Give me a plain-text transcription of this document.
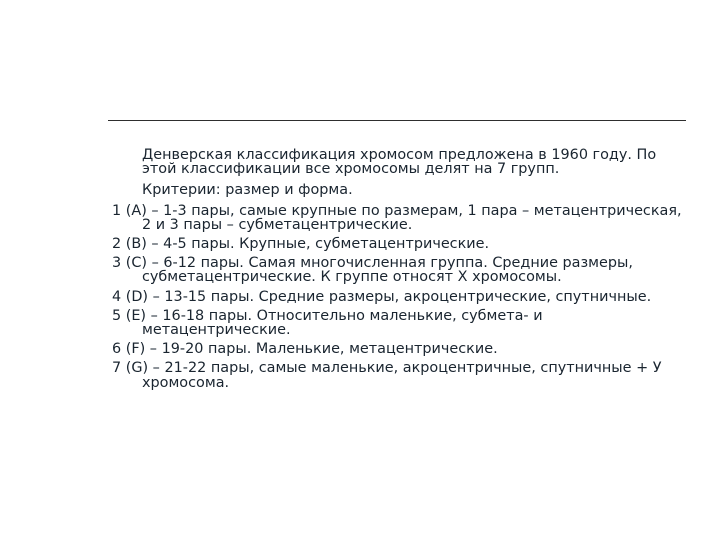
Денверская классификация хромосом предложена в 1960 году. По этой классификации все хромосомы делят на 7 групп.

Критерии: размер и форма.

1 (A) – 1-3 пары, самые крупные по размерам, 1 пара – метацентрическая, 2 и 3 пары – субметацентрические.

2 (B) – 4-5 пары. Крупные, субметацентрические.

3 (C) – 6-12 пары. Самая многочисленная группа. Средние размеры, субметацентрические. К группе относят Х хромосомы.

4 (D) – 13-15 пары. Средние размеры, акроцентрические, спутничные.

5 (E) – 16-18 пары. Относительно маленькие, субмета- и метацентрические.

6 (F) – 19-20 пары. Маленькие, метацентрические.

7 (G) – 21-22 пары, самые маленькие, акроцентричные, спутничные + У хромосома.
